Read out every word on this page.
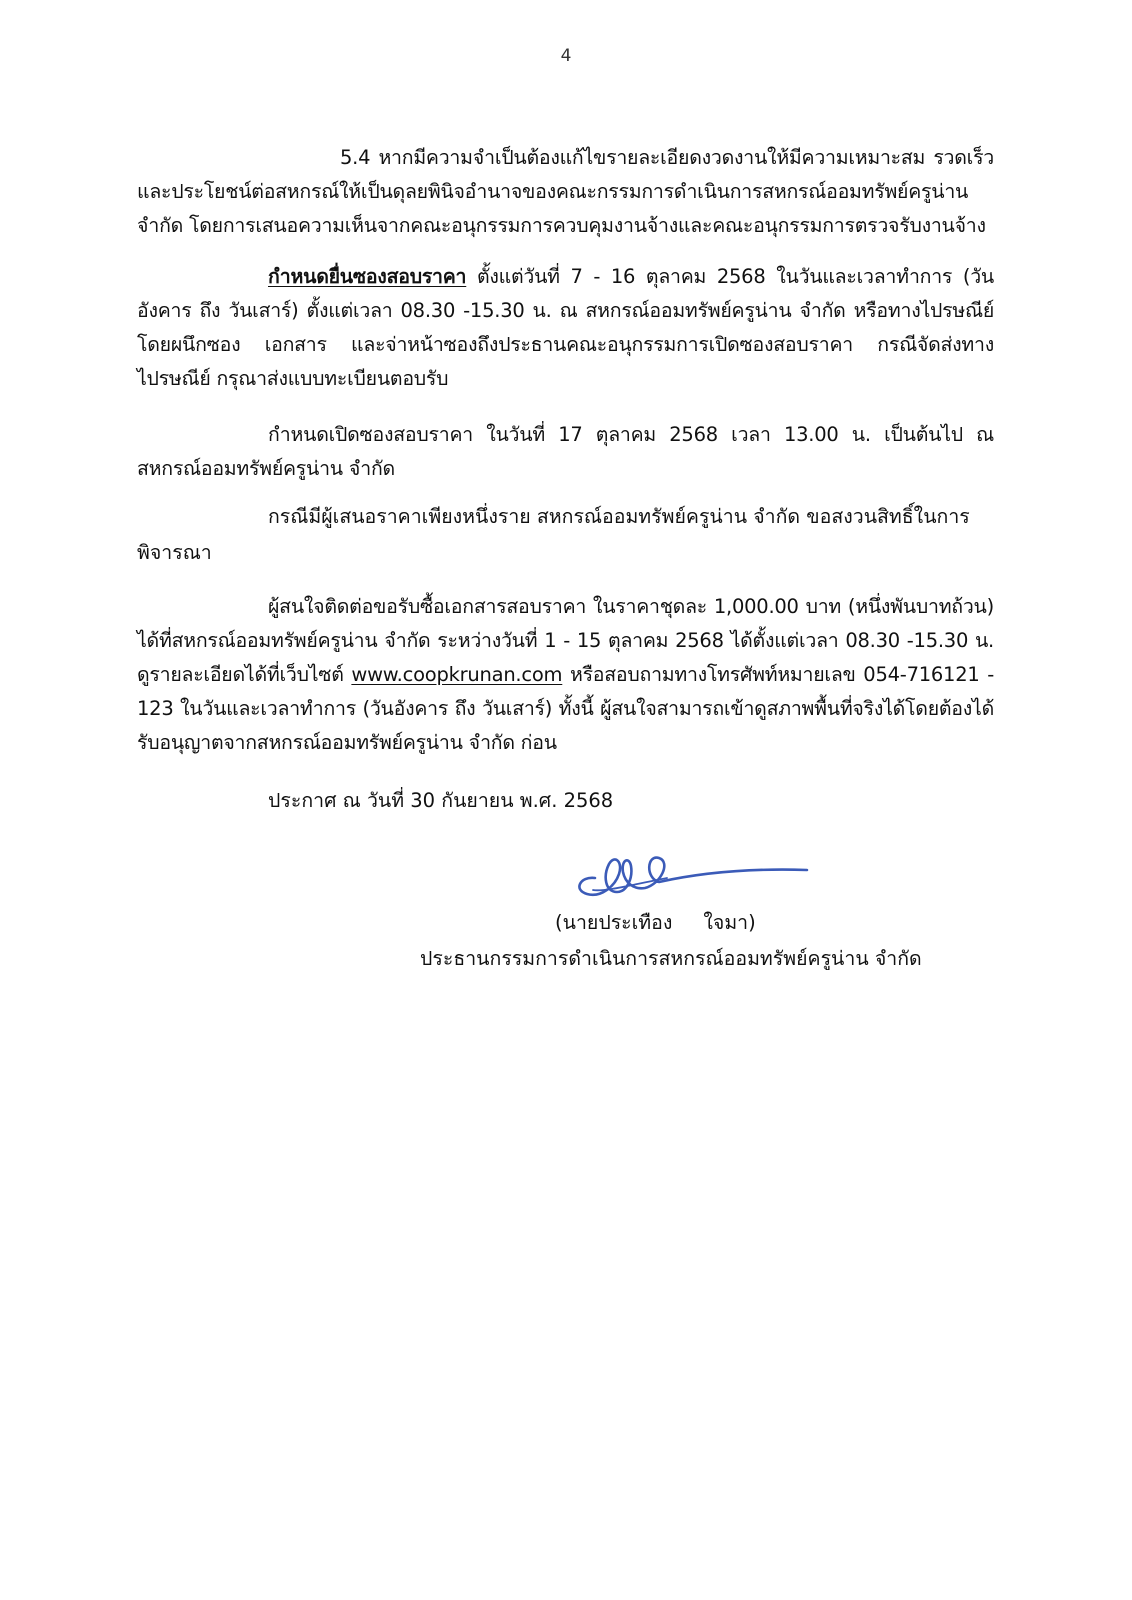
4

5.4 หากมีความจำเป็นต้องแก้ไขรายละเอียดงวดงานให้มีความเหมาะสม รวดเร็ว และประโยชน์ต่อสหกรณ์ให้เป็นดุลยพินิจอำนาจของคณะกรรมการดำเนินการสหกรณ์ออมทรัพย์ครูน่าน จำกัด โดยการเสนอความเห็นจากคณะอนุกรรมการควบคุมงานจ้างและคณะอนุกรรมการตรวจรับงานจ้าง

กำหนดยื่นซองสอบราคา ตั้งแต่วันที่ 7 - 16 ตุลาคม 2568 ในวันและเวลาทำการ (วันอังคาร ถึง วันเสาร์) ตั้งแต่เวลา 08.30 -15.30 น. ณ สหกรณ์ออมทรัพย์ครูน่าน จำกัด หรือทางไปรษณีย์ โดยผนึกซอง เอกสาร และจ่าหน้าซองถึงประธานคณะอนุกรรมการเปิดซองสอบราคา กรณีจัดส่งทางไปรษณีย์ กรุณาส่งแบบทะเบียนตอบรับ

กำหนดเปิดซองสอบราคา ในวันที่ 17 ตุลาคม 2568 เวลา 13.00 น. เป็นต้นไป ณ สหกรณ์ออมทรัพย์ครูน่าน จำกัด

กรณีมีผู้เสนอราคาเพียงหนึ่งราย สหกรณ์ออมทรัพย์ครูน่าน จำกัด ขอสงวนสิทธิ์ในการ

พิจารณา

ผู้สนใจติดต่อขอรับซื้อเอกสารสอบราคา ในราคาชุดละ 1,000.00 บาท (หนึ่งพันบาทถ้วน) ได้ที่สหกรณ์ออมทรัพย์ครูน่าน จำกัด ระหว่างวันที่ 1 - 15 ตุลาคม 2568 ได้ตั้งแต่เวลา 08.30 -15.30 น. ดูรายละเอียดได้ที่เว็บไซต์ www.coopkrunan.com หรือสอบถามทางโทรศัพท์หมายเลข 054-716121 - 123 ในวันและเวลาทำการ (วันอังคาร ถึง วันเสาร์) ทั้งนี้ ผู้สนใจสามารถเข้าดูสภาพพื้นที่จริงได้โดยต้องได้รับอนุญาตจากสหกรณ์ออมทรัพย์ครูน่าน จำกัด ก่อน

ประกาศ ณ วันที่ 30 กันยายน พ.ศ. 2568

(นายประเทือง     ใจมา)
ประธานกรรมการดำเนินการสหกรณ์ออมทรัพย์ครูน่าน จำกัด
